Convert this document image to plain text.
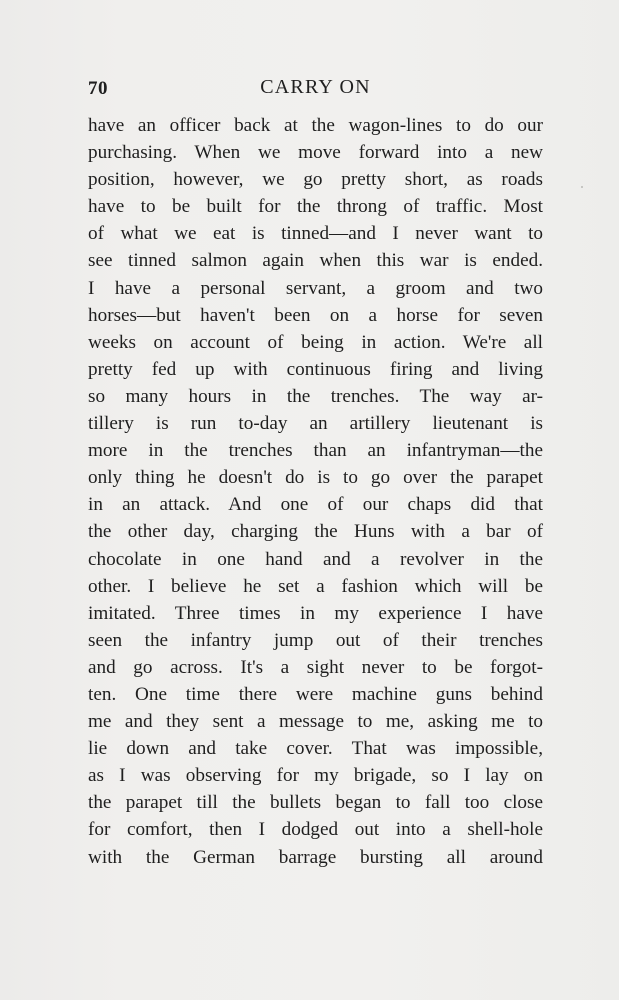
70	CARRY ON
have an officer back at the wagon-lines to do our
purchasing. When we move forward into a new
position, however, we go pretty short, as roads
have to be built for the throng of traffic. Most
of what we eat is tinned—and I never want to
see tinned salmon again when this war is ended.
I have a personal servant, a groom and two
horses—but haven't been on a horse for seven
weeks on account of being in action. We're all
pretty fed up with continuous firing and living
so many hours in the trenches. The way ar-
tillery is run to-day an artillery lieutenant is
more in the trenches than an infantryman—the
only thing he doesn't do is to go over the parapet
in an attack. And one of our chaps did that
the other day, charging the Huns with a bar of
chocolate in one hand and a revolver in the
other. I believe he set a fashion which will be
imitated. Three times in my experience I have
seen the infantry jump out of their trenches
and go across. It's a sight never to be forgot-
ten. One time there were machine guns behind
me and they sent a message to me, asking me to
lie down and take cover. That was impossible,
as I was observing for my brigade, so I lay on
the parapet till the bullets began to fall too close
for comfort, then I dodged out into a shell-hole
with the German barrage bursting all around
